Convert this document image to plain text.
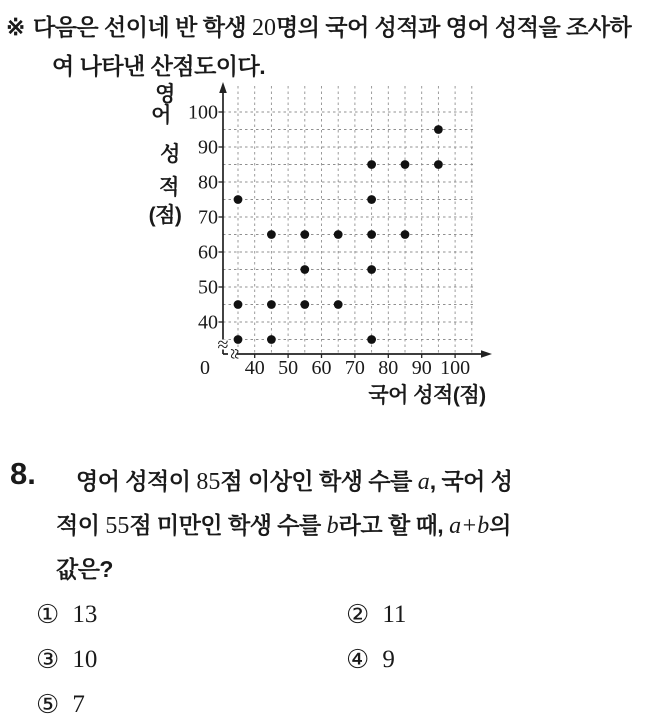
※ 다음은 선이네 반 학생 20명의 국어 성적과 영어 성적을 조사하
여 나타낸 산점도이다.
40 50 60 70 80 90 100
40
50
60
70
80
90
100
0
≈
≈
영
어
성
적
(점)
국어 성적(점)
8.	영어 성적이 85점 이상인 학생 수를 a, 국어 성
적이 55점 미만인 학생 수를 b라고 할 때, a+b의
값은?
① 13	② 11
③ 10	④ 9
⑤ 7
